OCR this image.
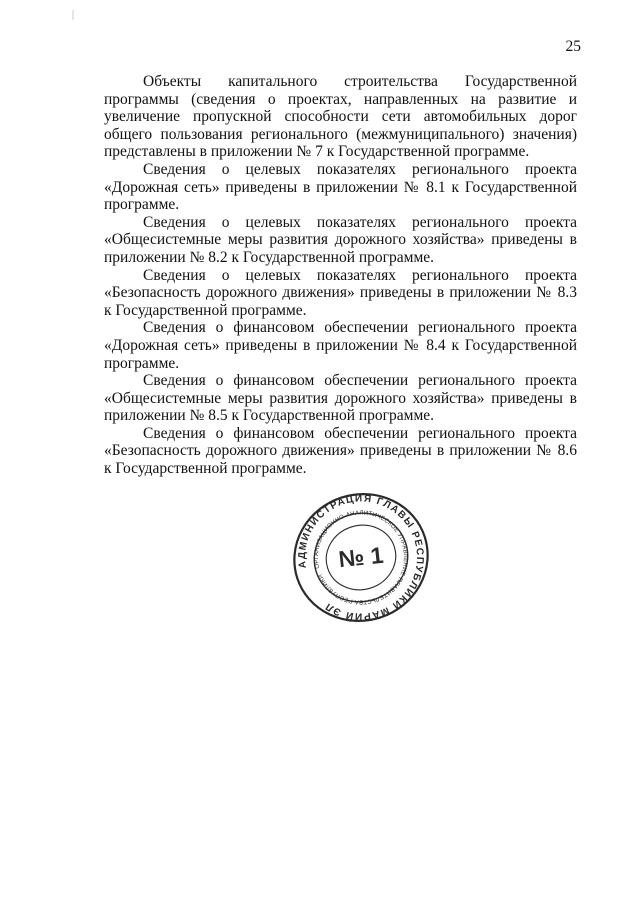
25

Объекты капитального строительства Государственной программы (сведения о проектах, направленных на развитие и увеличение пропускной способности сети автомобильных дорог общего пользования регионального (межмуниципального) значения) представлены в приложении № 7 к Государственной программе.

Сведения о целевых показателях регионального проекта «Дорожная сеть» приведены в приложении № 8.1 к Государственной программе.

Сведения о целевых показателях регионального проекта «Общесистемные меры развития дорожного хозяйства» приведены в приложении № 8.2 к Государственной программе.

Сведения о целевых показателях регионального проекта «Безопасность дорожного движения» приведены в приложении № 8.3 к Государственной программе.

Сведения о финансовом обеспечении регионального проекта «Дорожная сеть» приведены в приложении № 8.4 к Государственной программе.

Сведения о финансовом обеспечении регионального проекта «Общесистемные меры развития дорожного хозяйства» приведены в приложении № 8.5 к Государственной программе.

Сведения о финансовом обеспечении регионального проекта «Безопасность дорожного движения» приведены в приложении № 8.6 к Государственной программе.

АДМИНИСТРАЦИЯ ГЛАВЫ РЕСПУБЛИКИ МАРИЙ ЭЛ
ОРГАНИЗАЦИОННО-АНАЛИТИЧЕСКОЕ УПРАВЛЕНИЕ ПРАВИТЕЛЬСТВА РЕСПУБЛИКИ
№ 1
